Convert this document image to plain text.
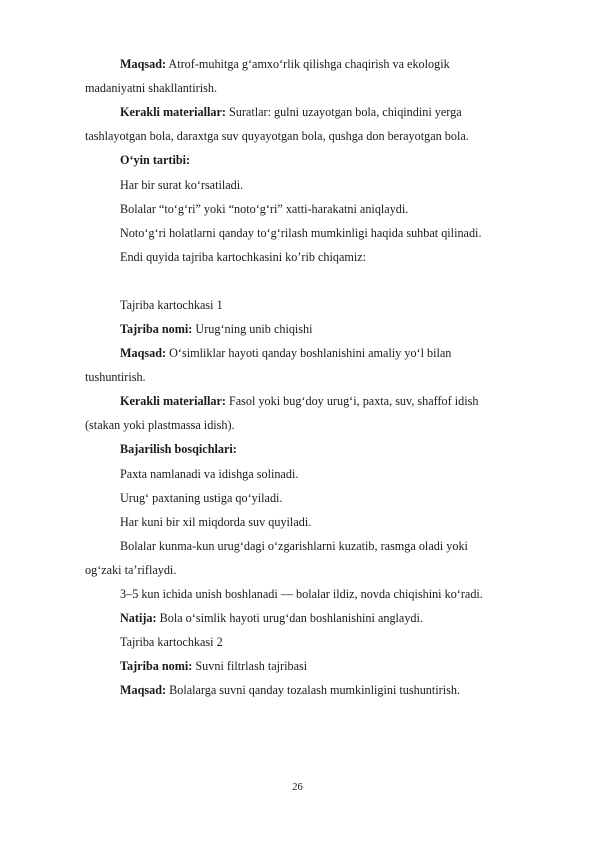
Maqsad: Atrof-muhitga g‘amxo‘rlik qilishga chaqirish va ekologik
madaniyatni shakllantirish.
Kerakli materiallar: Suratlar: gulni uzayotgan bola, chiqindini yerga
tashlayotgan bola, daraxtga suv quyayotgan bola, qushga don berayotgan bola.
O‘yin tartibi:
Har bir surat ko‘rsatiladi.
Bolalar “to‘g‘ri” yoki “noto‘g‘ri” xatti-harakatni aniqlaydi.
Noto‘g‘ri holatlarni qanday to‘g‘rilash mumkinligi haqida suhbat qilinadi.
Endi quyida tajriba kartochkasini ko’rib chiqamiz:
Tajriba kartochkasi 1
Tajriba nomi: Urug‘ning unib chiqishi
Maqsad: O‘simliklar hayoti qanday boshlanishini amaliy yo‘l bilan
tushuntirish.
Kerakli materiallar: Fasol yoki bug‘doy urug‘i, paxta, suv, shaffof idish
(stakan yoki plastmassa idish).
Bajarilish bosqichlari:
Paxta namlanadi va idishga solinadi.
Urug‘ paxtaning ustiga qo‘yiladi.
Har kuni bir xil miqdorda suv quyiladi.
Bolalar kunma-kun urug‘dagi o‘zgarishlarni kuzatib, rasmga oladi yoki
og‘zaki ta’riflaydi.
3–5 kun ichida unish boshlanadi — bolalar ildiz, novda chiqishini ko‘radi.
Natija: Bola o‘simlik hayoti urug‘dan boshlanishini anglaydi.
Tajriba kartochkasi 2
Tajriba nomi: Suvni filtrlash tajribasi
Maqsad: Bolalarga suvni qanday tozalash mumkinligini tushuntirish.
26
